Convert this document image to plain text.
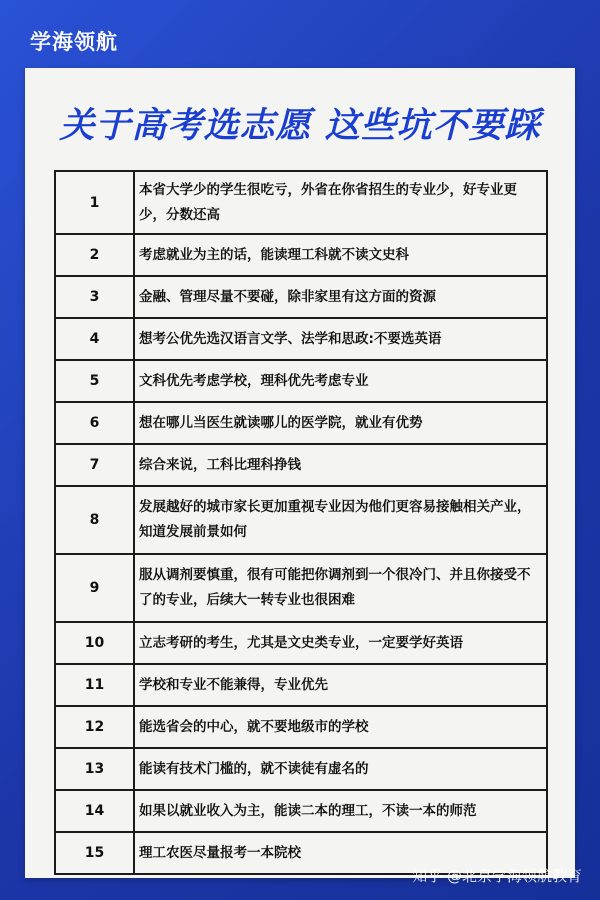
学海领航
关于高考选志愿 这些坑不要踩
1	本省大学少的学生很吃亏，外省在你省招生的专业少，好专业更少，分数还高
2	考虑就业为主的话，能读理工科就不读文史科
3	金融、管理尽量不要碰，除非家里有这方面的资源
4	想考公优先选汉语言文学、法学和思政:不要选英语
5	文科优先考虑学校，理科优先考虑专业
6	想在哪儿当医生就读哪儿的医学院，就业有优势
7	综合来说，工科比理科挣钱
8	发展越好的城市家长更加重视专业因为他们更容易接触相关产业，知道发展前景如何
9	服从调剂要慎重，很有可能把你调剂到一个很冷门、并且你接受不了的专业，后续大一转专业也很困难
10	立志考研的考生，尤其是文史类专业，一定要学好英语
11	学校和专业不能兼得，专业优先
12	能选省会的中心，就不要地级市的学校
13	能读有技术门槛的，就不读徒有虚名的
14	如果以就业收入为主，能读二本的理工，不读一本的师范
15	理工农医尽量报考一本院校
知乎 @北京学海领航教育
